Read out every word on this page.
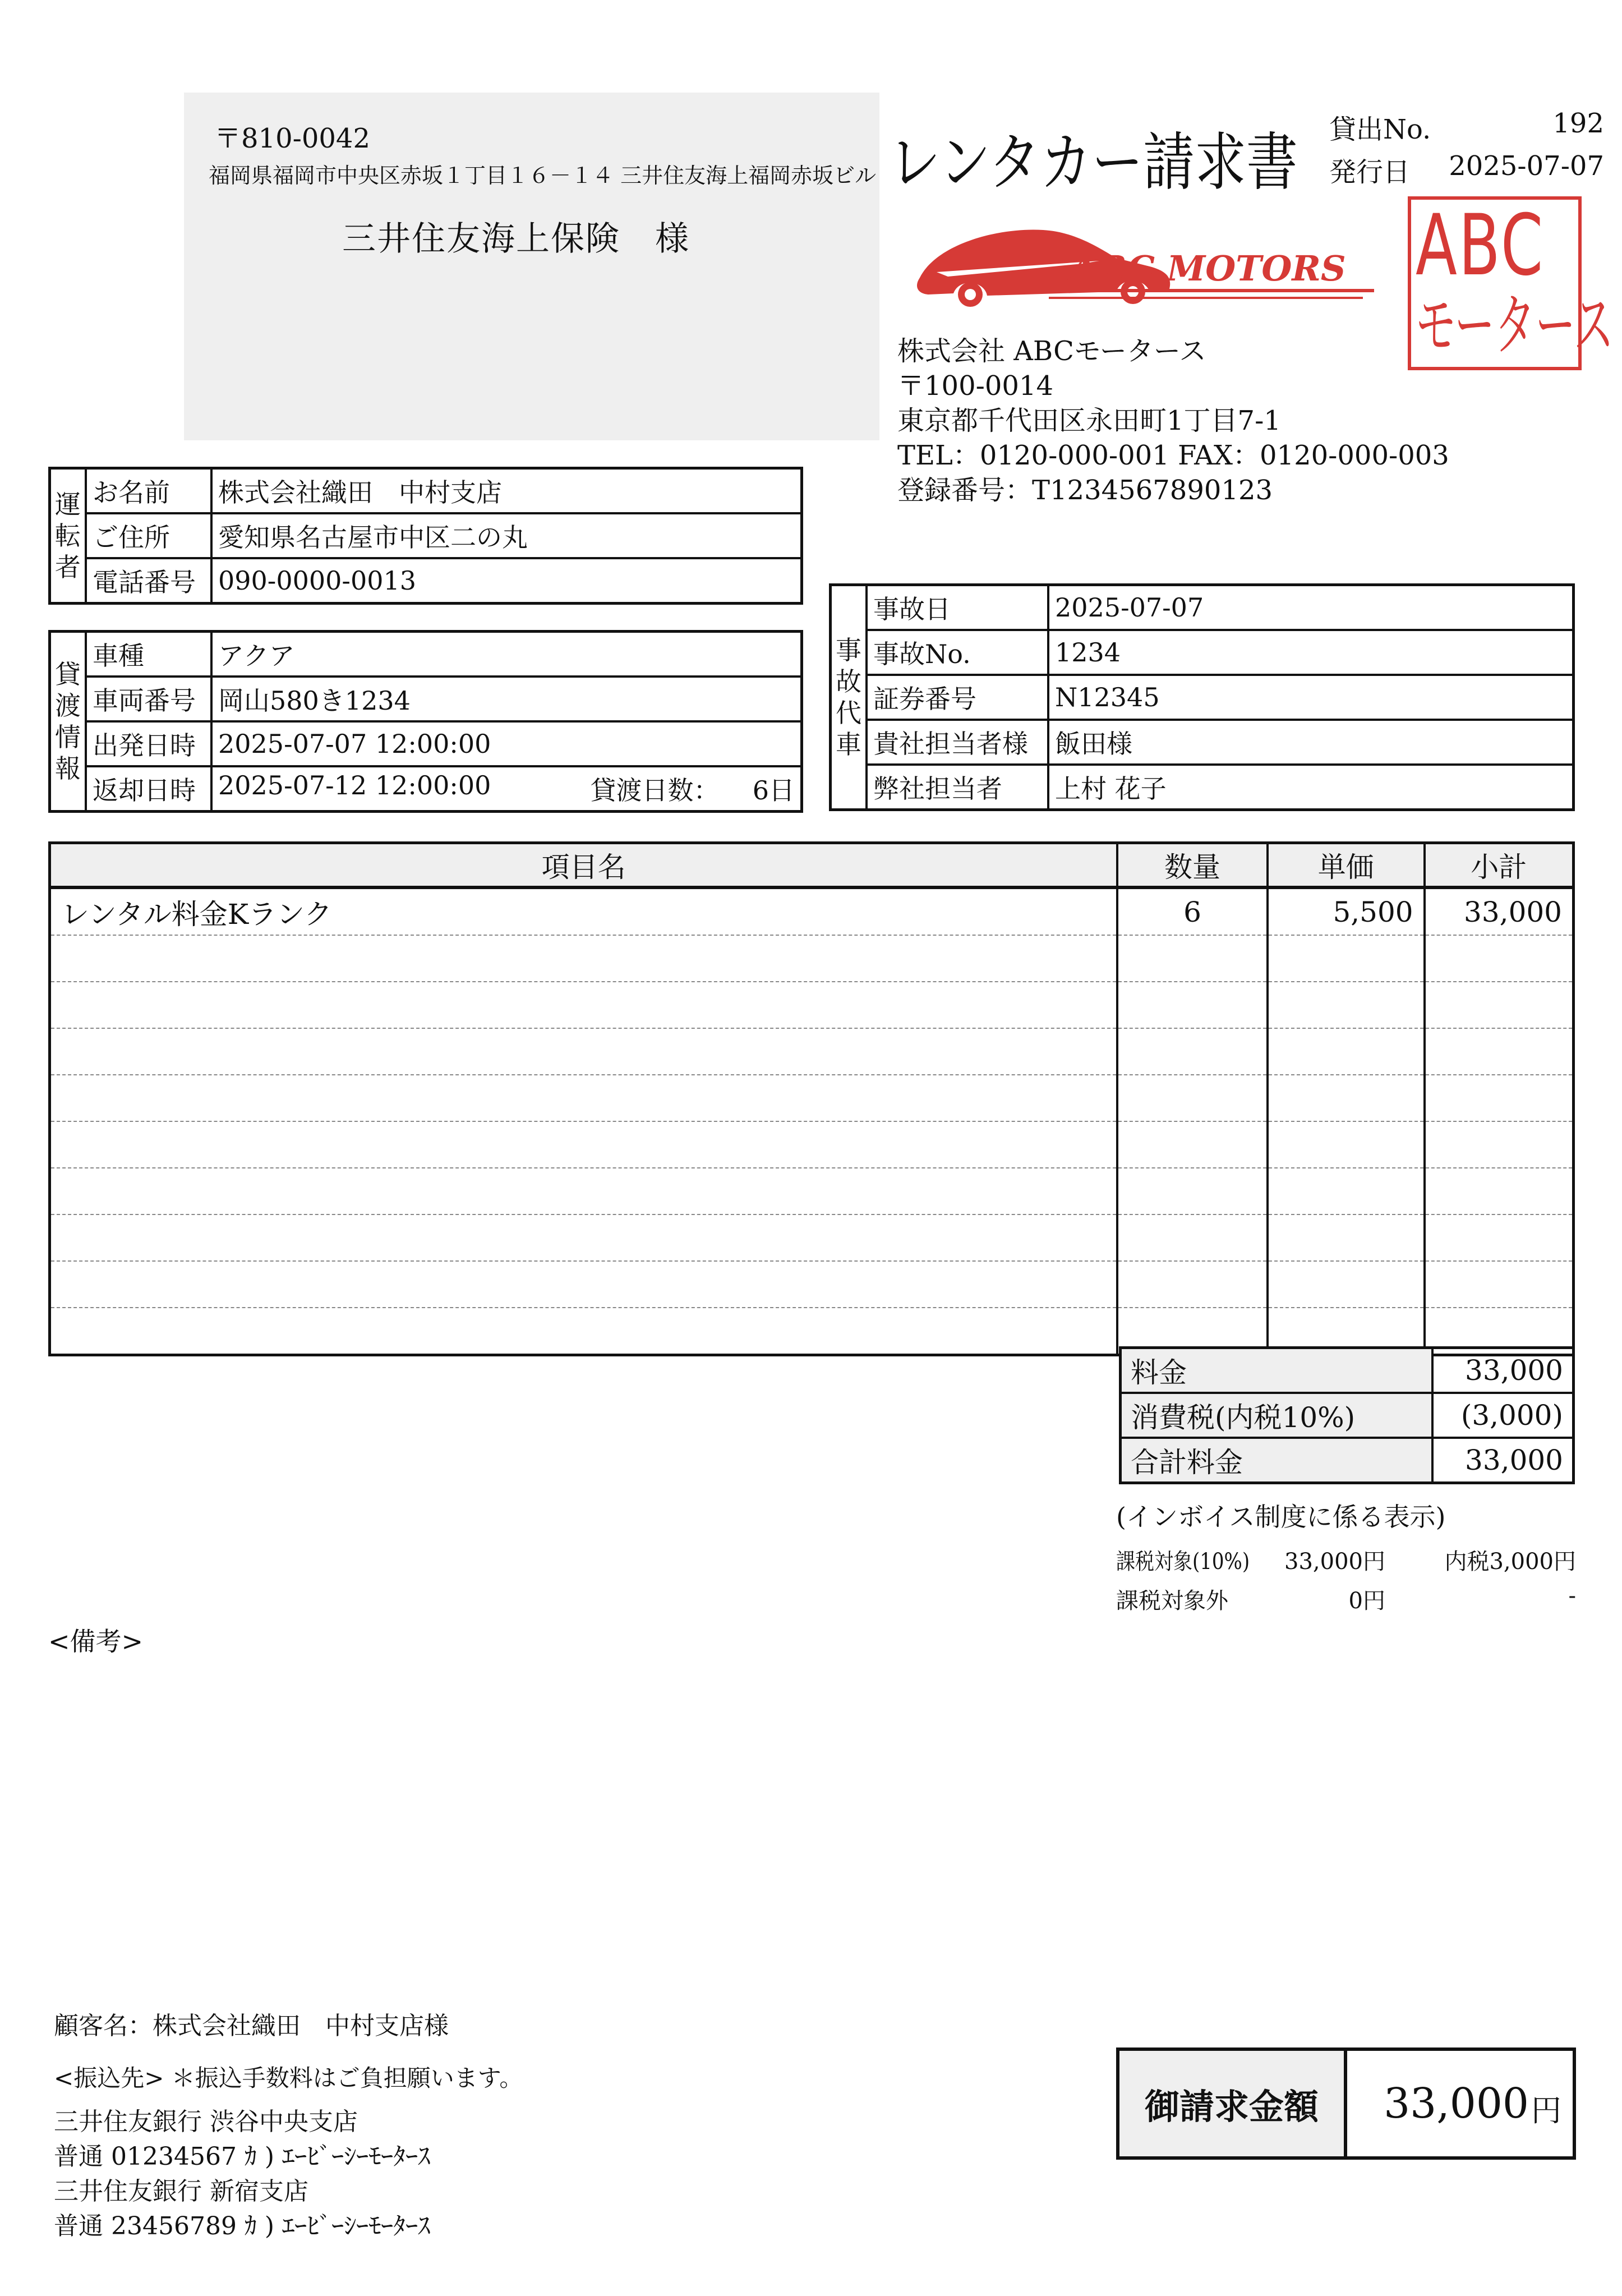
〒810-0042
福岡県福岡市中央区赤坂１丁目１６－１４ 三井住友海上福岡赤坂ビル
三井住友海上保険　様
レンタカー請求書 貸出No.	192
発行日 2025-07-07
ABC MOTORS ABC
モータース
株式会社 ABCモータース
〒100-0014
東京都千代田区永田町1丁目7-1
TEL：0120-000-001 FAX：0120-000-003
登録番号：T1234567890123
運転者	お名前	株式会社織田　中村支店
	ご住所	愛知県名古屋市中区二の丸
	電話番号	090-0000-0013
貸渡情報	車種	アクア
	車両番号	岡山580き1234
	出発日時	2025-07-07 12:00:00
	返却日時	2025-07-12 12:00:00 貸渡日数： 6日
事故代車	事故日	2025-07-07
	事故No.	1234
	証券番号	N12345
	貴社担当者様	飯田様
	弊社担当者	上村 花子
項目名	数量	単価	小計
レンタル料金Kランク	6	5,500	33,000

料金	33,000
消費税(内税10%)	(3,000)
合計料金	33,000
(インボイス制度に係る表示)
課税対象(10%) 33,000円	内税3,000円
課税対象外	0円	-
<備考>
顧客名：株式会社織田　中村支店様
<振込先> ＊振込手数料はご負担願います。
三井住友銀行 渋谷中央支店
普通 01234567 ｶ ) ｴｰﾋﾞｰｼｰﾓｰﾀｰｽ
三井住友銀行 新宿支店
普通 23456789 ｶ ) ｴｰﾋﾞｰｼｰﾓｰﾀｰｽ
御請求金額	33,000 円
